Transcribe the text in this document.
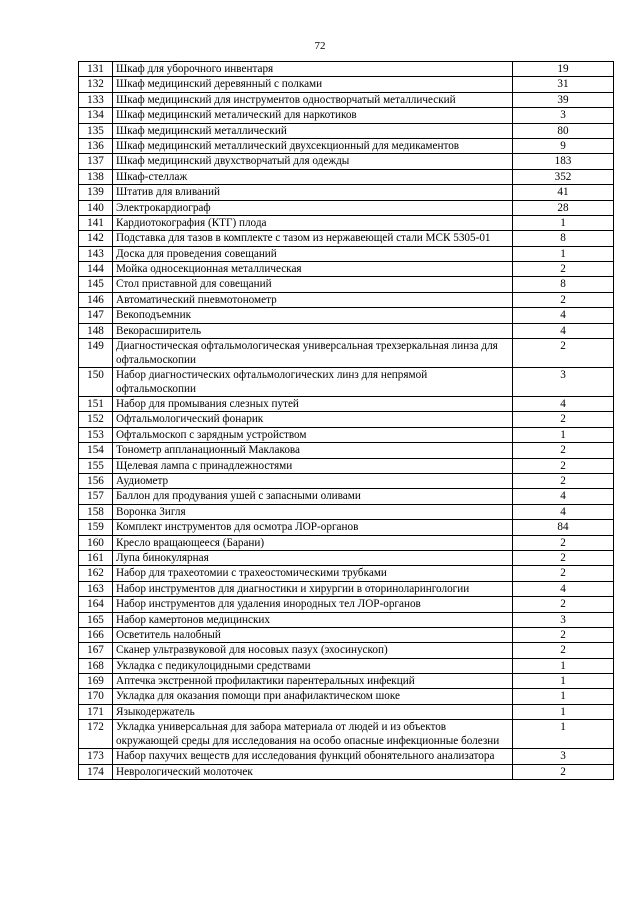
72
131	Шкаф для уборочного инвентаря	19
132	Шкаф медицинский деревянный с полками	31
133	Шкаф медицинский для инструментов одностворчатый металлический	39
134	Шкаф медицинский металический для наркотиков	3
135	Шкаф медицинский металлический	80
136	Шкаф медицинский металлический двухсекционный для медикаментов	9
137	Шкаф медицинский двухстворчатый для одежды	183
138	Шкаф-стеллаж	352
139	Штатив для вливаний	41
140	Электрокардиограф	28
141	Кардиотокография (КТГ) плода	1
142	Подставка для тазов в комплекте с тазом из нержавеющей стали МСК 5305-01	8
143	Доска для проведения совещаний	1
144	Мойка односекционная металлическая	2
145	Стол приставной для совещаний	8
146	Автоматический пневмотонометр	2
147	Векоподъемник	4
148	Векорасширитель	4
149	Диагностическая офтальмологическая универсальная трехзеркальная линза для офтальмоскопии	2
150	Набор диагностических офтальмологических линз для непрямой офтальмоскопии	3
151	Набор для промывания слезных путей	4
152	Офтальмологический фонарик	2
153	Офтальмоскоп с зарядным устройством	1
154	Тонометр аппланационный Маклакова	2
155	Щелевая лампа с принадлежностями	2
156	Аудиометр	2
157	Баллон для продувания ушей с запасными оливами	4
158	Воронка Зигля	4
159	Комплект инструментов для осмотра ЛОР-органов	84
160	Кресло вращающееся (Барани)	2
161	Лупа бинокулярная	2
162	Набор для трахеотомии с трахеостомическими трубками	2
163	Набор инструментов для диагностики и хирургии в оториноларингологии	4
164	Набор инструментов для удаления инородных тел ЛОР-органов	2
165	Набор камертонов медицинских	3
166	Осветитель налобный	2
167	Сканер ультразвуковой для носовых пазух (эхосинускоп)	2
168	Укладка с педикулоцидными средствами	1
169	Аптечка экстренной профилактики парентеральных инфекций	1
170	Укладка для оказания помощи при анафилактическом шоке	1
171	Языкодержатель	1
172	Укладка универсальная для забора материала от людей и из объектов окружающей среды для исследования на особо опасные инфекционные болезни	1
173	Набор пахучих веществ для исследования функций обонятельного анализатора	3
174	Неврологический молоточек	2
